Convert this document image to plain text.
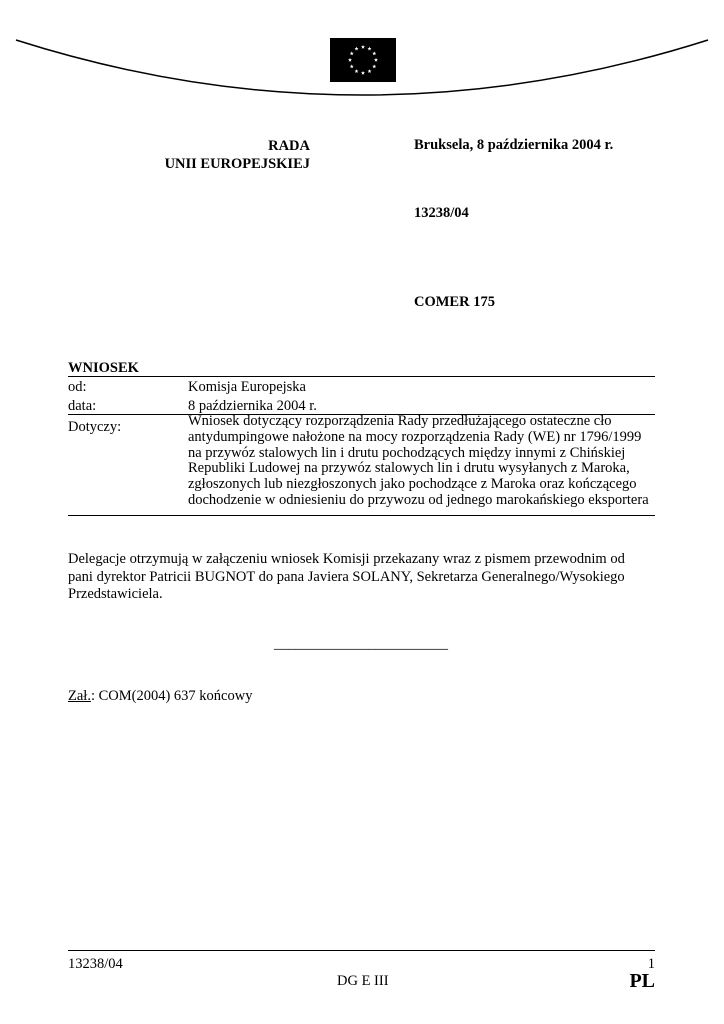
RADA
UNII EUROPEJSKIEJ
Bruksela, 8 października 2004 r.
13238/04
COMER 175
WNIOSEK
od:	Komisja Europejska
data:	8 października 2004 r.
Dotyczy:	Wniosek dotyczący rozporządzenia Rady przedłużającego ostateczne cło
antydumpingowe nałożone na mocy rozporządzenia Rady (WE) nr 1796/1999
na przywóz stalowych lin i drutu pochodzących między innymi z Chińskiej
Republiki Ludowej na przywóz stalowych lin i drutu wysyłanych z Maroka,
zgłoszonych lub niezgłoszonych jako pochodzące z Maroka oraz kończącego
dochodzenie w odniesieniu do przywozu od jednego marokańskiego eksportera
Delegacje otrzymują w załączeniu wniosek Komisji przekazany wraz z pismem przewodnim od
pani dyrektor Patricii BUGNOT do pana Javiera SOLANY, Sekretarza Generalnego/Wysokiego
Przedstawiciela.
________________________
Zał.: COM(2004) 637 końcowy
13238/04	1
DG E III	PL
